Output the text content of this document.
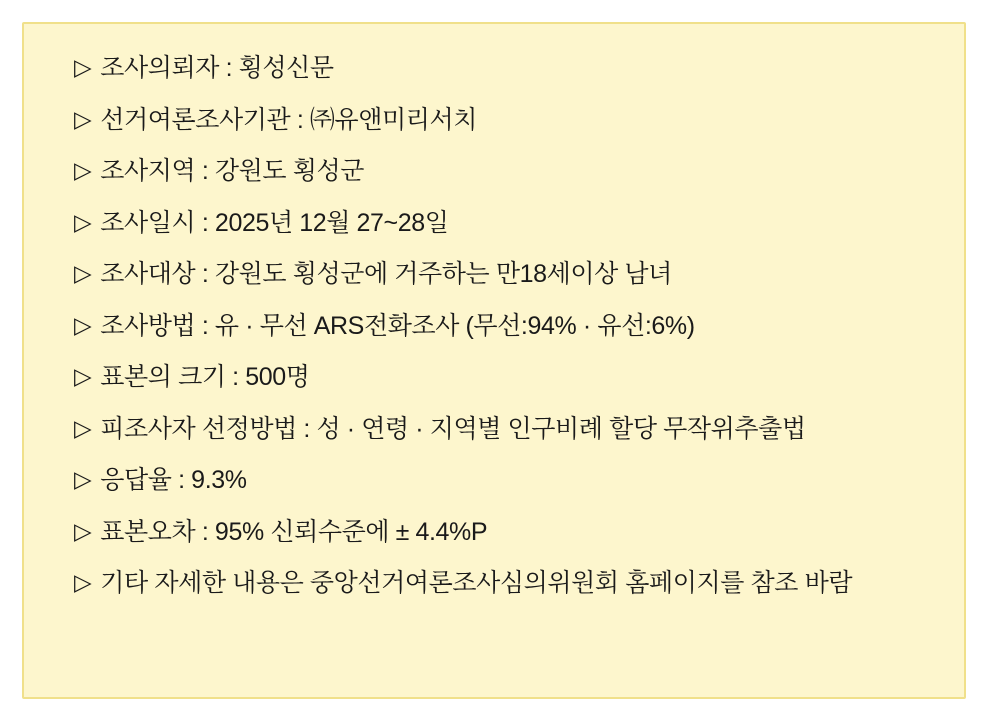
▷ 조사의뢰자 : 횡성신문
▷ 선거여론조사기관 : ㈜유앤미리서치
▷ 조사지역 : 강원도 횡성군
▷ 조사일시 : 2025년 12월 27~28일
▷ 조사대상 : 강원도 횡성군에 거주하는 만18세이상 남녀
▷ 조사방법 : 유 · 무선 ARS전화조사 (무선:94% · 유선:6%)
▷ 표본의 크기 : 500명
▷ 피조사자 선정방법 : 성 · 연령 · 지역별 인구비례 할당 무작위추출법
▷ 응답율 : 9.3%
▷ 표본오차 : 95% 신뢰수준에 ± 4.4%P
▷ 기타 자세한 내용은 중앙선거여론조사심의위원회 홈페이지를 참조 바람
